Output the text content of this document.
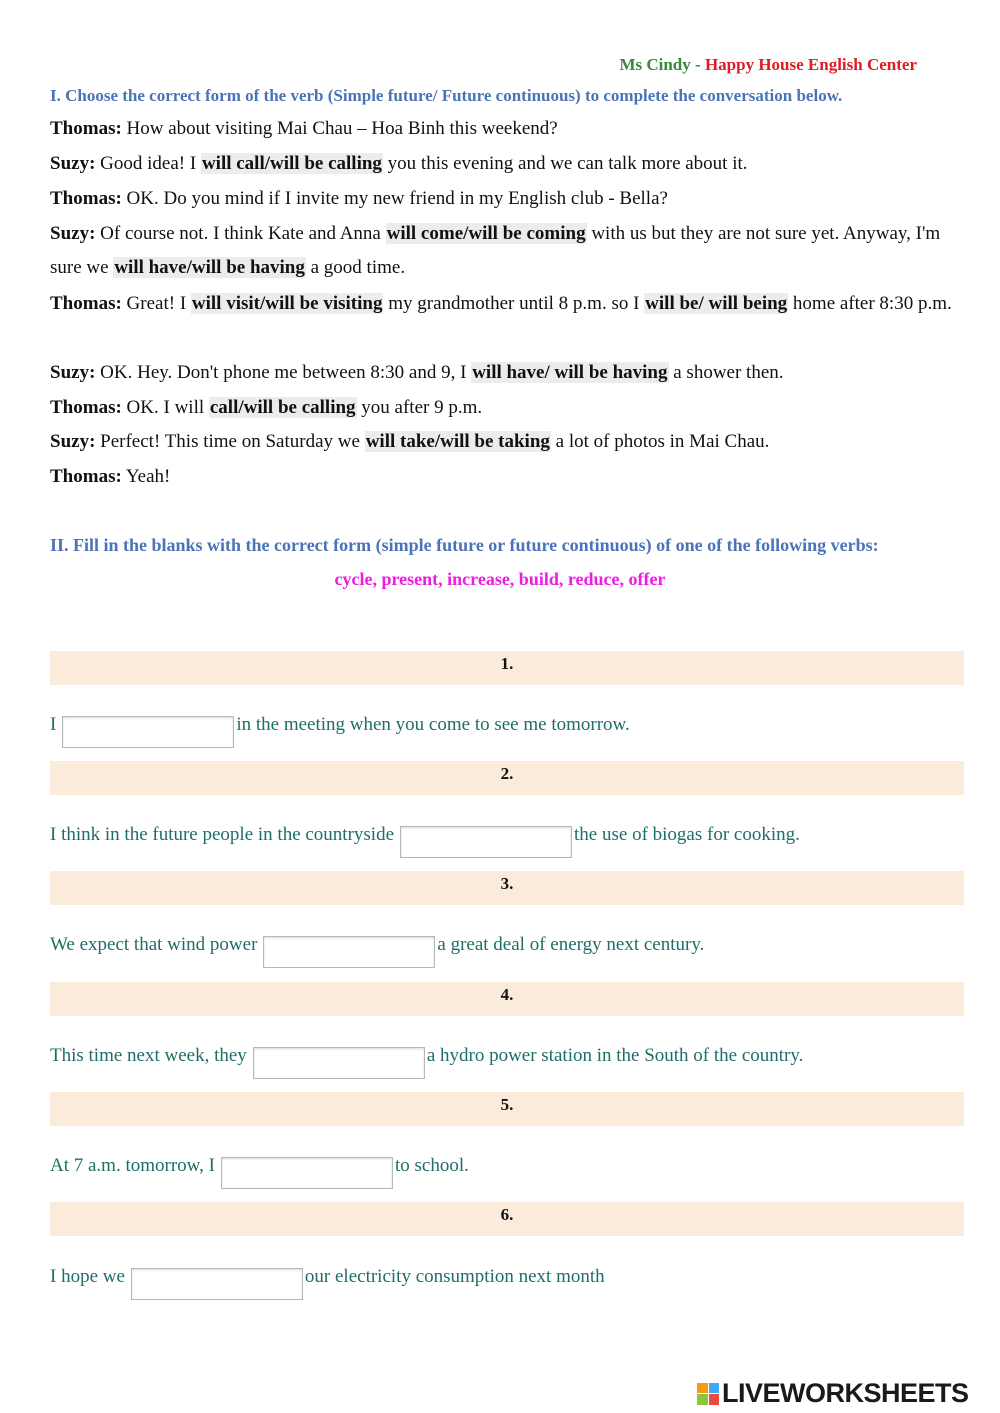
Ms Cindy - Happy House English Center
I. Choose the correct form of the verb (Simple future/ Future continuous) to complete the conversation below.
Thomas: How about visiting Mai Chau – Hoa Binh this weekend?
Suzy: Good idea! I will call/will be calling you this evening and we can talk more about it.
Thomas: OK. Do you mind if I invite my new friend in my English club - Bella?
Suzy: Of course not. I think Kate and Anna will come/will be coming with us but they are not sure yet. Anyway, I'm sure we will have/will be having a good time.
Thomas: Great! I will visit/will be visiting my grandmother until 8 p.m. so I will be/ will being home after 8:30 p.m.
Suzy: OK. Hey. Don't phone me between 8:30 and 9, I will have/ will be having a shower then.
Thomas: OK. I will call/will be calling you after 9 p.m.
Suzy: Perfect! This time on Saturday we will take/will be taking a lot of photos in Mai Chau.
Thomas: Yeah!
II. Fill in the blanks with the correct form (simple future or future continuous) of one of the following verbs:
cycle, present, increase, build, reduce, offer
1.
I	in the meeting when you come to see me tomorrow.
2.
I think in the future people in the countryside	the use of biogas for cooking.
3.
We expect that wind power	a great deal of energy next century.
4.
This time next week, they	a hydro power station in the South of the country.
5.
At 7 a.m. tomorrow, I	to school.
6.
I hope we	our electricity consumption next month
LIVEWORKSHEETS
